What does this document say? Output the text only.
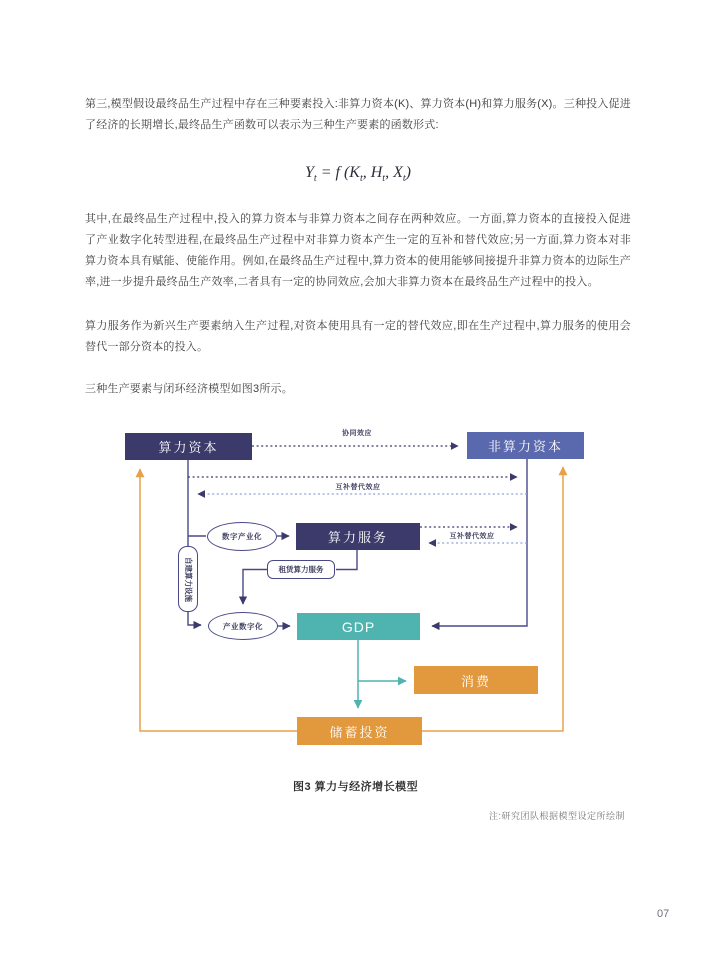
第三,模型假设最终品生产过程中存在三种要素投入:非算力资本(K)、算力资本(H)和算力服务(X)。三种投入促进了经济的长期增长,最终品生产函数可以表示为三种生产要素的函数形式:
$Y_t = f$ ($K_t$, $H_t$, $X_t$)
其中,在最终品生产过程中,投入的算力资本与非算力资本之间存在两种效应。一方面,算力资本的直接投入促进了产业数字化转型进程,在最终品生产过程中对非算力资本产生一定的互补和替代效应;另一方面,算力资本对非算力资本具有赋能、使能作用。例如,在最终品生产过程中,算力资本的使用能够间接提升非算力资本的边际生产率,进一步提升最终品生产效率,二者具有一定的协同效应,会加大非算力资本在最终品生产过程中的投入。
算力服务作为新兴生产要素纳入生产过程,对资本使用具有一定的替代效应,即在生产过程中,算力服务的使用会替代一部分资本的投入。
三种生产要素与闭环经济模型如图3所示。
算力资本	非算力资本
算力服务
GDP
消费
储蓄投资
数字产业化
产业数字化
租赁算力服务
自建算力设施
协同效应
互补替代效应
互补替代效应
图3 算力与经济增长模型
注:研究团队根据模型设定所绘制
07
